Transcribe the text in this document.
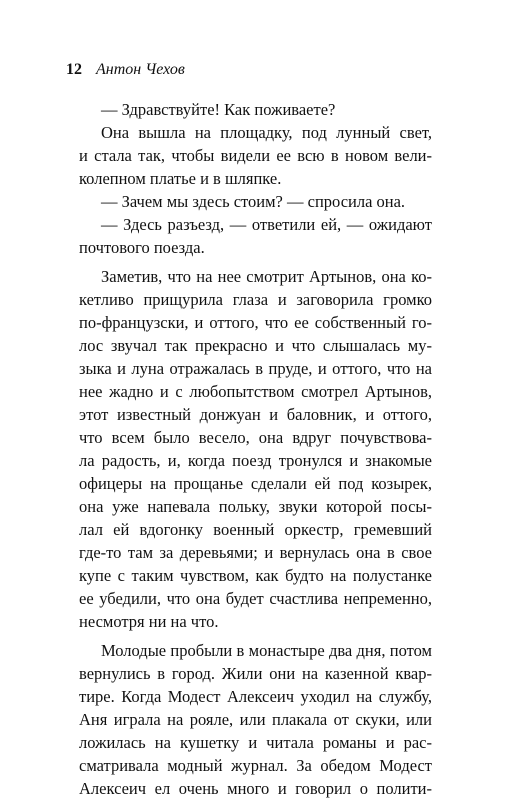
12 Антон Чехов
— Здравствуйте! Как поживаете?
Она вышла на площадку, под лунный свет,
и стала так, чтобы видели ее всю в новом вели-
колепном платье и в шляпке.
— Зачем мы здесь стоим? — спросила она.
— Здесь разъезд, — ответили ей, — ожидают
почтового поезда.
Заметив, что на нее смотрит Артынов, она ко-
кетливо прищурила глаза и заговорила громко
по-французски, и оттого, что ее собственный го-
лос звучал так прекрасно и что слышалась му-
зыка и луна отражалась в пруде, и оттого, что на
нее жадно и с любопытством смотрел Артынов,
этот известный донжуан и баловник, и оттого,
что всем было весело, она вдруг почувствова-
ла радость, и, когда поезд тронулся и знакомые
офицеры на прощанье сделали ей под козырек,
она уже напевала польку, звуки которой посы-
лал ей вдогонку военный оркестр, гремевший
где-то там за деревьями; и вернулась она в свое
купе с таким чувством, как будто на полустанке
ее убедили, что она будет счастлива непременно,
несмотря ни на что.
Молодые пробыли в монастыре два дня, потом
вернулись в город. Жили они на казенной квар-
тире. Когда Модест Алексеич уходил на службу,
Аня играла на рояле, или плакала от скуки, или
ложилась на кушетку и читала романы и рас-
сматривала модный журнал. За обедом Модест
Алексеич ел очень много и говорил о полити-
